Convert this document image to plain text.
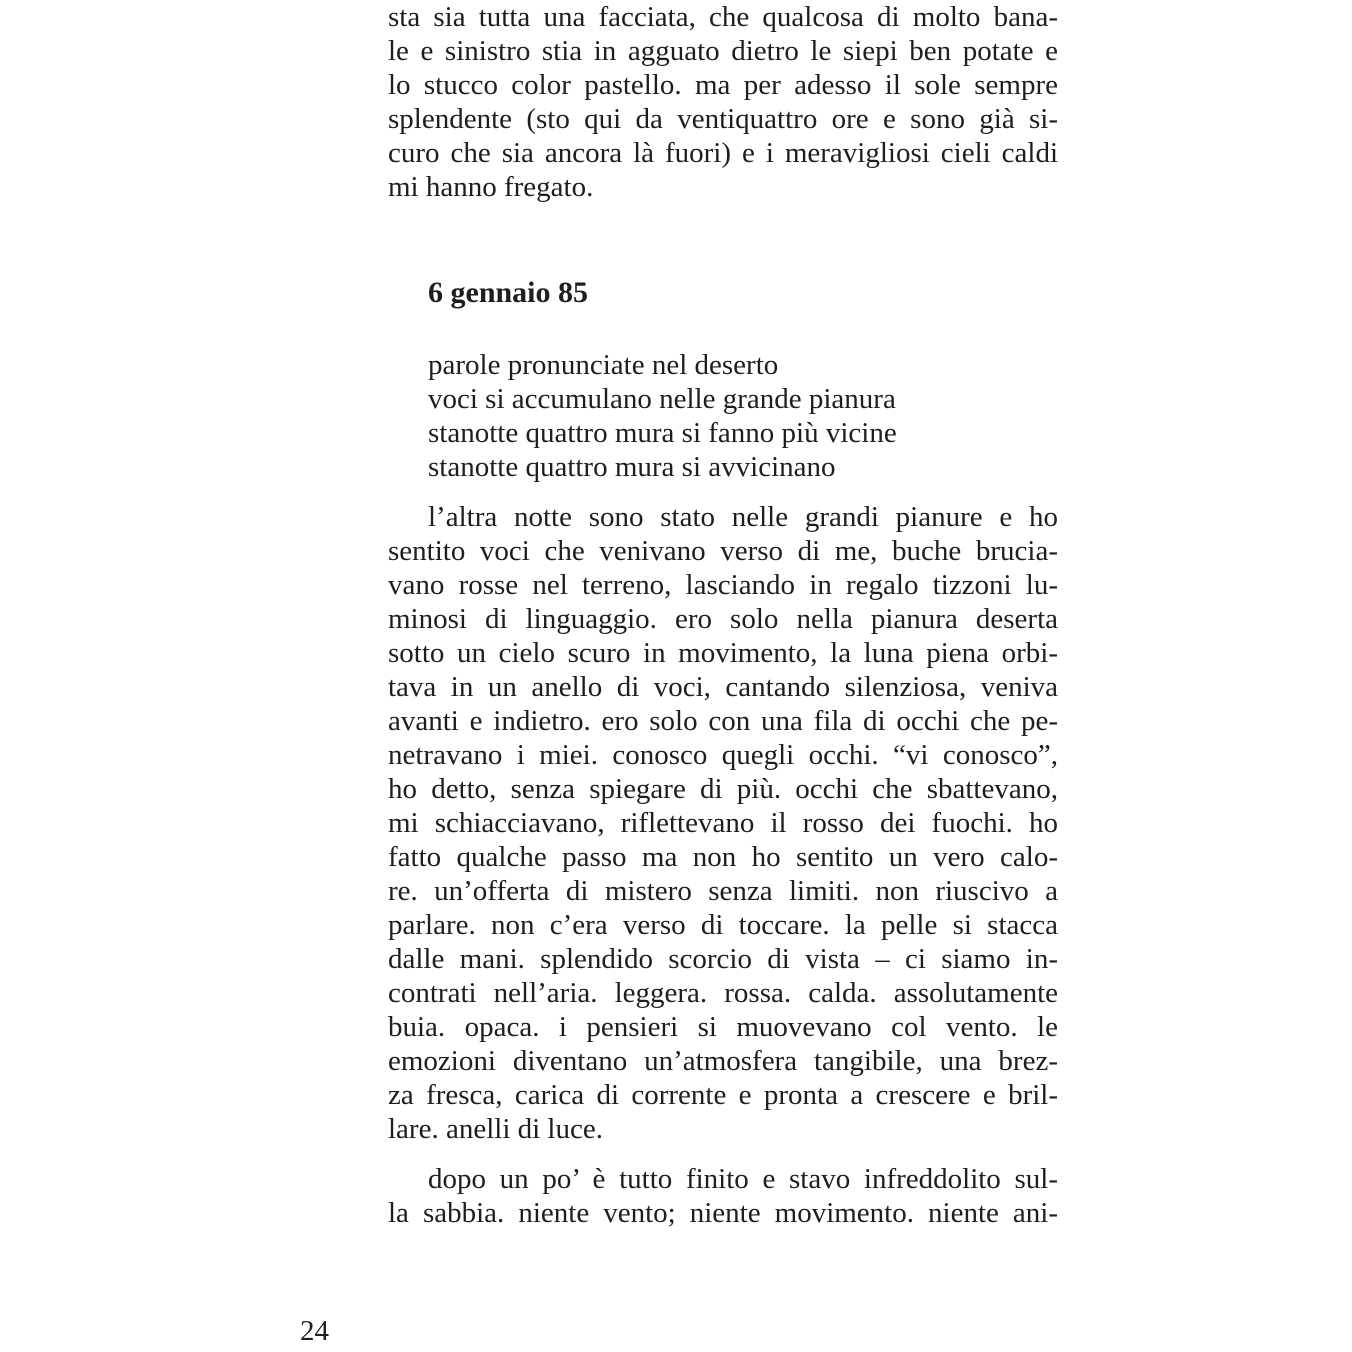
sta sia tutta una facciata, che qualcosa di molto bana-
le e sinistro stia in agguato dietro le siepi ben potate e
lo stucco color pastello. ma per adesso il sole sempre
splendente (sto qui da ventiquattro ore e sono già si-
curo che sia ancora là fuori) e i meravigliosi cieli caldi
mi hanno fregato.
6 gennaio 85
parole pronunciate nel deserto
voci si accumulano nelle grande pianura
stanotte quattro mura si fanno più vicine
stanotte quattro mura si avvicinano
l’altra notte sono stato nelle grandi pianure e ho
sentito voci che venivano verso di me, buche brucia-
vano rosse nel terreno, lasciando in regalo tizzoni lu-
minosi di linguaggio. ero solo nella pianura deserta
sotto un cielo scuro in movimento, la luna piena orbi-
tava in un anello di voci, cantando silenziosa, veniva
avanti e indietro. ero solo con una fila di occhi che pe-
netravano i miei. conosco quegli occhi. “vi conosco”,
ho detto, senza spiegare di più. occhi che sbattevano,
mi schiacciavano, riflettevano il rosso dei fuochi. ho
fatto qualche passo ma non ho sentito un vero calo-
re. un’offerta di mistero senza limiti. non riuscivo a
parlare. non c’era verso di toccare. la pelle si stacca
dalle mani. splendido scorcio di vista – ci siamo in-
contrati nell’aria. leggera. rossa. calda. assolutamente
buia. opaca. i pensieri si muovevano col vento. le
emozioni diventano un’atmosfera tangibile, una brez-
za fresca, carica di corrente e pronta a crescere e bril-
lare. anelli di luce.
dopo un po’ è tutto finito e stavo infreddolito sul-
la sabbia. niente vento; niente movimento. niente ani-
24
